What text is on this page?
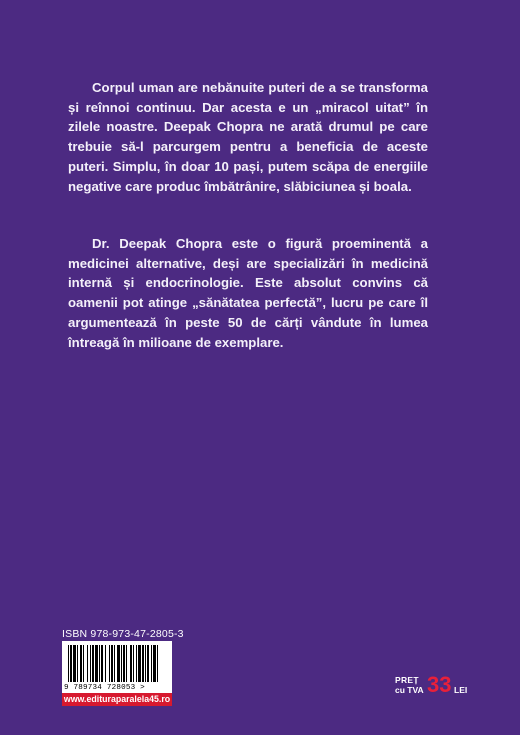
Corpul uman are nebănuite puteri de a se transforma și reînnoi continuu. Dar acesta e un „miracol uitat” în zilele noastre. Deepak Chopra ne arată drumul pe care trebuie să-l parcurgem pentru a beneficia de aceste puteri. Simplu, în doar 10 pași, putem scăpa de energiile negative care produc îmbătrânire, slăbiciunea și boala.

Dr. Deepak Chopra este o figură proeminentă a medicinei alternative, deși are specializări în medicină internă și endocrinologie. Este absolut convins că oamenii pot atinge „sănătatea perfectă”, lucru pe care îl argumentează în peste 50 de cărți vândute în lumea întreagă în milioane de exemplare.

ISBN 978-973-47-2805-3
9 789734 728053 >
www.edituraparalela45.ro
PREȚ
cu TVA 33 LEI
